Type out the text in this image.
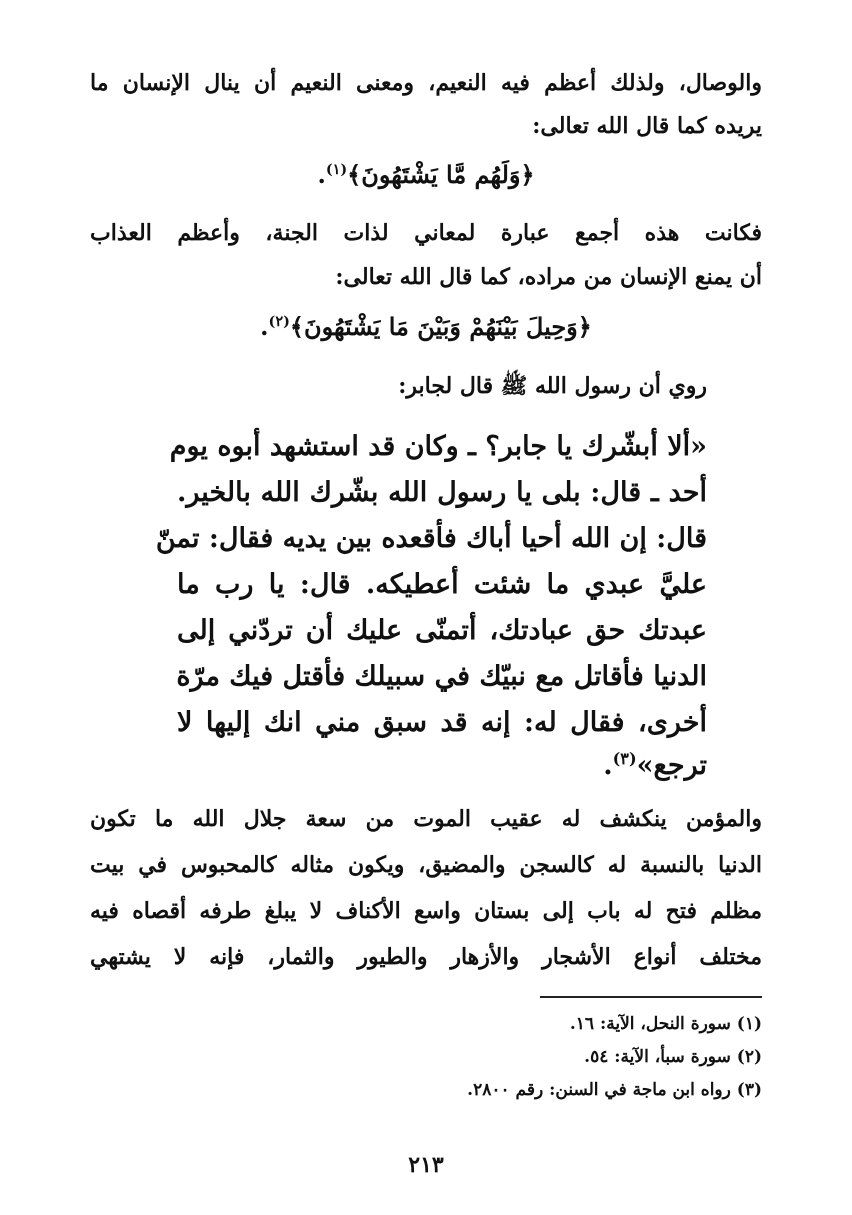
والوصال، ولذلك أعظم فيه النعيم، ومعنى النعيم أن ينال الإنسان ما
يريده كما قال الله تعالى:
﴿وَلَهُم مَّا يَشْتَهُونَ﴾$^{(١)}$.
فكانت هذه أجمع عبارة لمعاني لذات الجنة، وأعظم العذاب
أن يمنع الإنسان من مراده، كما قال الله تعالى:
﴿وَحِيلَ بَيْنَهُمْ وَبَيْنَ مَا يَشْتَهُونَ﴾$^{(٢)}$.
روي أن رسول الله ﷺ قال لجابر:
«ألا أبشّرك يا جابر؟ ـ وكان قد استشهد أبوه يوم
أحد ـ قال: بلى يا رسول الله بشّرك الله بالخير.
قال: إن الله أحيا أباك فأقعده بين يديه فقال: تمنّ
عليَّ عبدي ما شئت أعطيكه. قال: يا رب ما
عبدتك حق عبادتك، أتمنّى عليك أن تردّني إلى
الدنيا فأقاتل مع نبيّك في سبيلك فأقتل فيك مرّة
أخرى، فقال له: إنه قد سبق مني انك إليها لا
ترجع»$^{(٣)}$.
والمؤمن ينكشف له عقيب الموت من سعة جلال الله ما تكون
الدنيا بالنسبة له كالسجن والمضيق، ويكون مثاله كالمحبوس في بيت
مظلم فتح له باب إلى بستان واسع الأكناف لا يبلغ طرفه أقصاه فيه
مختلف أنواع الأشجار والأزهار والطيور والثمار، فإنه لا يشتهي
(١) سورة النحل، الآية: ١٦.
(٢) سورة سبأ، الآية: ٥٤.
(٣) رواه ابن ماجة في السنن: رقم ٢٨٠٠.
٢١٣
